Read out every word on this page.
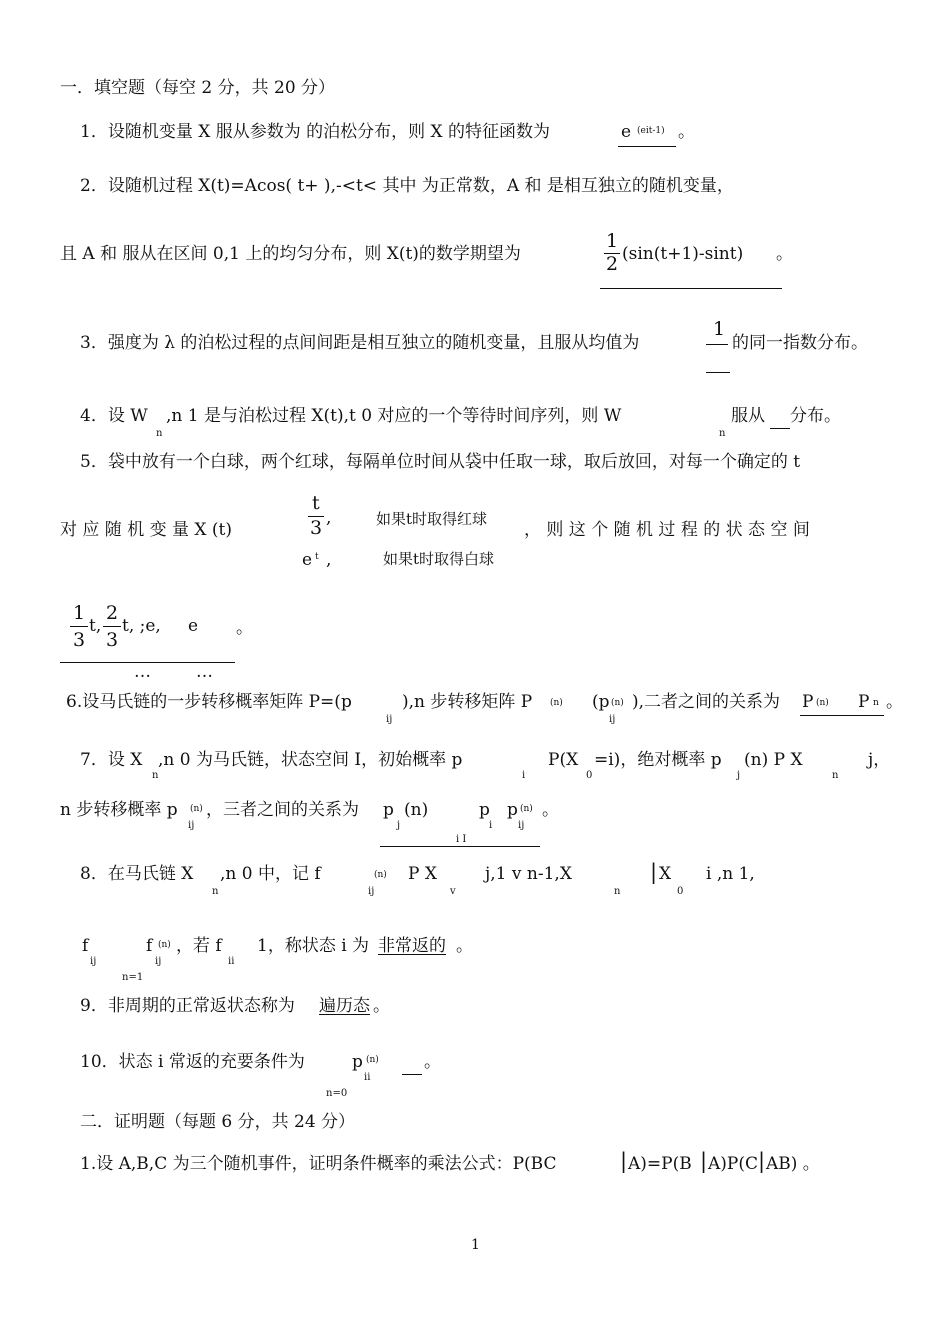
一．填空题（每空 2 分，共 20 分）
1．设随机变量 X 服从参数为 的泊松分布，则 X 的特征函数为	e (eit-1) 。
2．设随机过程 X(t)=Acos( t+ ),-<t< 其中 为正常数，A 和 是相互独立的随机变量，
且 A 和 服从在区间 0,1 上的均匀分布，则 X(t)的数学期望为
1
2 (sin(t+1)-sint) 。
3．强度为 λ 的泊松过程的点间间距是相互独立的随机变量，且服从均值为
1
的同一指数分布。
4．设 W
n
,n 1 是与泊松过程 X(t),t 0 对应的一个等待时间序列，则 W
n
服从 分布。
5．袋中放有一个白球，两个红球，每隔单位时间从袋中任取一球，取后放回，对每一个确定的 t
对 应 随 机 变 量 X (t)
t
3 ,	如果t时取得红球
e t ,	如果t时取得白球
， 则 这 个 随 机 过 程 的 状 态 空 间
1
3
t,
2
3
t, ;e, e 。
…	…
6.设马氏链的一步转移概率矩阵 P=(p
ij
),n 步转移矩阵 P (n) (p (n)
ij
),二者之间的关系为 P (n) P n 。
7．设 X
n
,n 0 为马氏链，状态空间 I，初始概率 p
i
P(X
0
=i)，绝对概率 p
j
(n) P X
n
j，
n 步转移概率 p (n)
ij
，三者之间的关系为 p
j
(n)	p
i
p (n)
ij
。
i I
8．在马氏链 X
n
,n 0 中，记 f	(n)
ij
P X
v
j,1 v n-1,X
n
| X
0
i ,n 1,
f
ij
n=1
f (n)
ij
，若 f
ii
1，称状态 i 为 非常返的 。
9．非周期的正常返状态称为 遍历态 。
10．状态 i 常返的充要条件为	p (n)
ii
n=0
。
二．证明题（每题 6 分，共 24 分）
1.设 A,B,C 为三个随机事件，证明条件概率的乘法公式：P(BC	| A)=P(B | A)P(C | AB) 。
1
